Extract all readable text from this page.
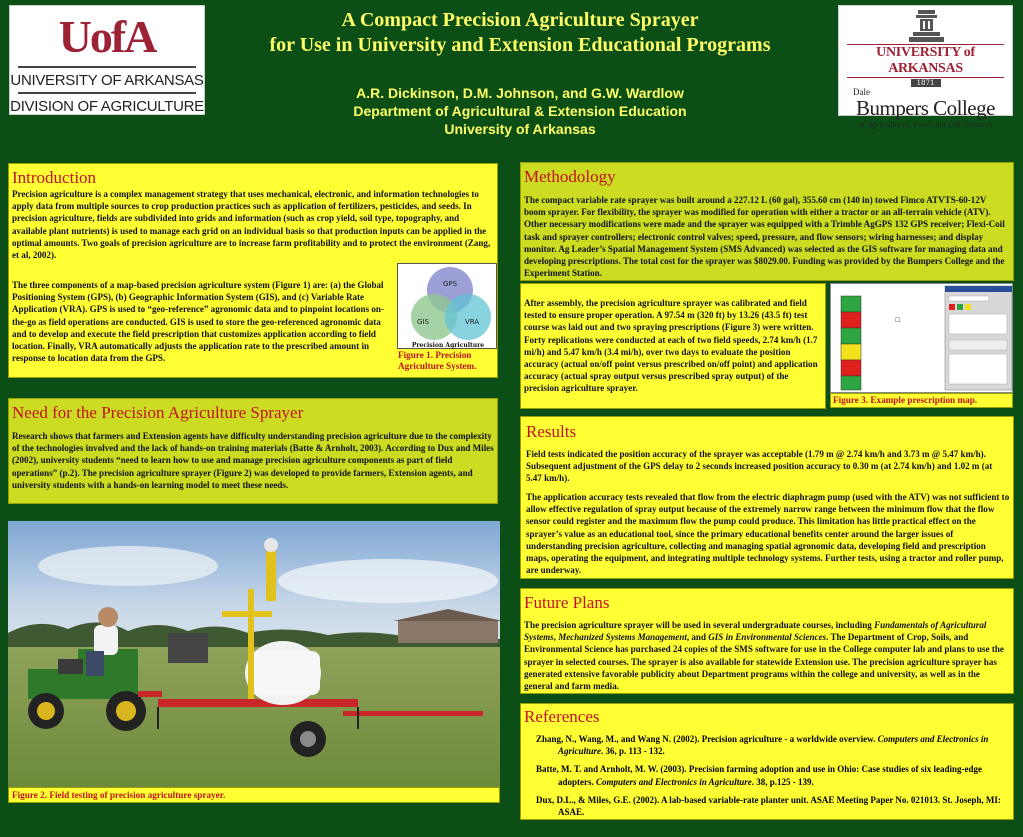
UofA
UNIVERSITY OF ARKANSAS
DIVISION OF AGRICULTURE
A Compact Precision Agriculture Sprayer
for Use in University and Extension Educational Programs
A.R. Dickinson, D.M. Johnson, and G.W. Wardlow
Department of Agricultural & Extension Education
University of Arkansas
UNIVERSITY of ARKANSAS
1871
Dale
Bumpers College
of Agricultural, Food and Life Sciences
Introduction
Precision agriculture is a complex management strategy that uses mechanical, electronic, and information technologies to apply data from multiple sources to crop production practices such as application of fertilizers, pesticides, and seeds. In precision agriculture, fields are subdivided into grids and information (such as crop yield, soil type, topography, and available plant nutrients) is used to manage each grid on an individual basis so that production inputs can be applied in the optimal amounts. Two goals of precision agriculture are to increase farm profitability and to protect the environment (Zang, et al, 2002).
The three components of a map-based precision agriculture system (Figure 1) are: (a) the Global Positioning System (GPS), (b) Geographic Information System (GIS), and (c) Variable Rate Application (VRA). GPS is used to “geo-reference” agronomic data and to pinpoint locations on-the-go as field operations are conducted. GIS is used to store the geo-referenced agronomic data and to develop and execute the field prescription that customizes application according to field location. Finally, VRA automatically adjusts the application rate to the prescribed amount in response to location data from the GPS.
GPS
GIS	VRA
Precision Agriculture
Figure 1. Precision Agriculture System.
Need for the Precision Agriculture Sprayer
Research shows that farmers and Extension agents have difficulty understanding precision agriculture due to the complexity of the technologies involved and the lack of hands-on training materials (Batte & Arnholt, 2003). According to Dux and Miles (2002), university students “need to learn how to use and manage precision agriculture components as part of field operations” (p.2). The precision agriculture sprayer (Figure 2) was developed to provide farmers, Extension agents, and university students with a hands-on learning model to meet these needs.
Figure 2. Field testing of precision agriculture sprayer.
Methodology
The compact variable rate sprayer was built around a 227.12 L (60 gal), 355.60 cm (140 in) towed Fimco ATVTS-60-12V boom sprayer. For flexibility, the sprayer was modified for operation with either a tractor or an all-terrain vehicle (ATV). Other necessary modifications were made and the sprayer was equipped with a Trimble AgGPS 132 GPS receiver; Flexi-Coil task and sprayer controllers; electronic control valves; speed, pressure, and flow sensors; wiring harnesses; and display monitor. Ag Leader’s Spatial Management System (SMS Advanced) was selected as the GIS software for managing data and developing prescriptions. The total cost for the sprayer was $8029.00. Funding was provided by the Bumpers College and the Experiment Station.
After assembly, the precision agriculture sprayer was calibrated and field tested to ensure proper operation. A 97.54 m (320 ft) by 13.26 (43.5 ft) test course was laid out and two spraying prescriptions (Figure 3) were written. Forty replications were conducted at each of two field speeds, 2.74 km/h (1.7 mi/h) and 5.47 km/h (3.4 mi/h), over two days to evaluate the position accuracy (actual on/off point versus prescribed on/off point) and application accuracy (actual spray output versus prescribed spray output) of the precision agriculture sprayer.
☐
Figure 3. Example prescription map.
Results
Field tests indicated the position accuracy of the sprayer was acceptable (1.79 m @ 2.74 km/h and 3.73 m @ 5.47 km/h). Subsequent adjustment of the GPS delay to 2 seconds increased position accuracy to 0.30 m (at 2.74 km/h) and 1.02 m (at 5.47 km/h).
The application accuracy tests revealed that flow from the electric diaphragm pump (used with the ATV) was not sufficient to allow effective regulation of spray output because of the extremely narrow range between the minimum flow that the flow sensor could register and the maximum flow the pump could produce. This limitation has little practical effect on the sprayer’s value as an educational tool, since the primary educational benefits center around the larger issues of understanding precision agriculture, collecting and managing spatial agronomic data, developing field and prescription maps, operating the equipment, and integrating multiple technology systems. Further tests, using a tractor and roller pump, are underway.
Future Plans
The precision agriculture sprayer will be used in several undergraduate courses, including Fundamentals of Agricultural Systems, Mechanized Systems Management, and GIS in Environmental Sciences. The Department of Crop, Soils, and Environmental Science has purchased 24 copies of the SMS software for use in the College computer lab and plans to use the sprayer in selected courses. The sprayer is also available for statewide Extension use. The precision agriculture sprayer has generated extensive favorable publicity about Department programs within the college and university, as well as in the general and farm media.
References
Zhang, N., Wang, M., and Wang N. (2002). Precision agriculture - a worldwide overview. Computers and Electronics in Agriculture. 36, p. 113 - 132.
Batte, M. T. and Arnholt, M. W. (2003). Precision farming adoption and use in Ohio: Case studies of six leading-edge adopters. Computers and Electronics in Agriculture. 38, p.125 - 139.
Dux, D.L., & Miles, G.E. (2002). A lab-based variable-rate planter unit. ASAE Meeting Paper No. 021013. St. Joseph, MI: ASAE.
